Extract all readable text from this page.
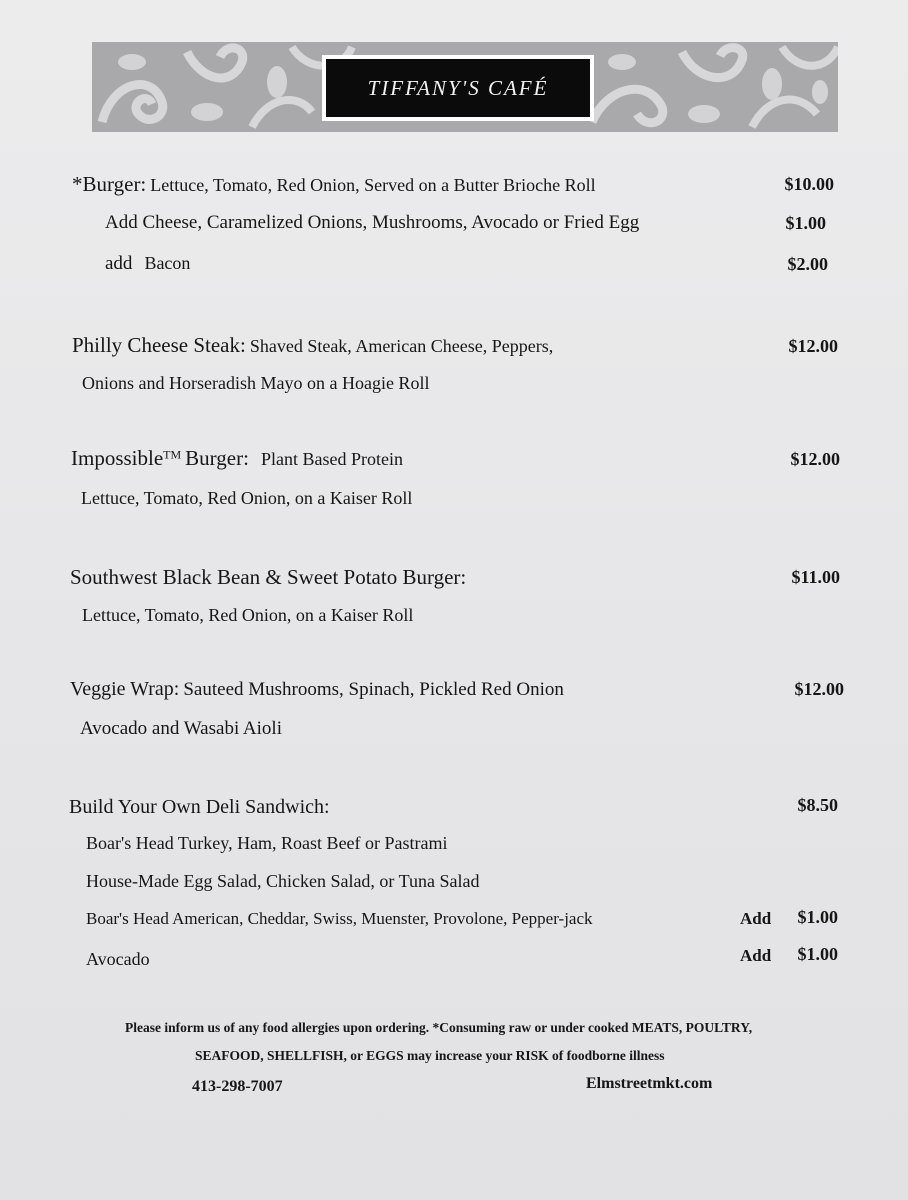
TIFFANY'S CAFÉ
*Burger: Lettuce, Tomato, Red Onion, Served on a Butter Brioche Roll	$10.00
Add Cheese, Caramelized Onions, Mushrooms, Avocado or Fried Egg	$1.00
add Bacon	$2.00
Philly Cheese Steak: Shaved Steak, American Cheese, Peppers,	$12.00
Onions and Horseradish Mayo on a Hoagie Roll
Impossible™ Burger: Plant Based Protein	$12.00
Lettuce, Tomato, Red Onion, on a Kaiser Roll
Southwest Black Bean & Sweet Potato Burger:	$11.00
Lettuce, Tomato, Red Onion, on a Kaiser Roll
Veggie Wrap: Sauteed Mushrooms, Spinach, Pickled Red Onion	$12.00
Avocado and Wasabi Aioli
Build Your Own Deli Sandwich:	$8.50
Boar's Head Turkey, Ham, Roast Beef or Pastrami
House-Made Egg Salad, Chicken Salad, or Tuna Salad
Boar's Head American, Cheddar, Swiss, Muenster, Provolone, Pepper-jack	Add $1.00
Avocado	Add $1.00
Please inform us of any food allergies upon ordering. *Consuming raw or under cooked MEATS, POULTRY,
SEAFOOD, SHELLFISH, or EGGS may increase your RISK of foodborne illness
413-298-7007	Elmstreetmkt.com
